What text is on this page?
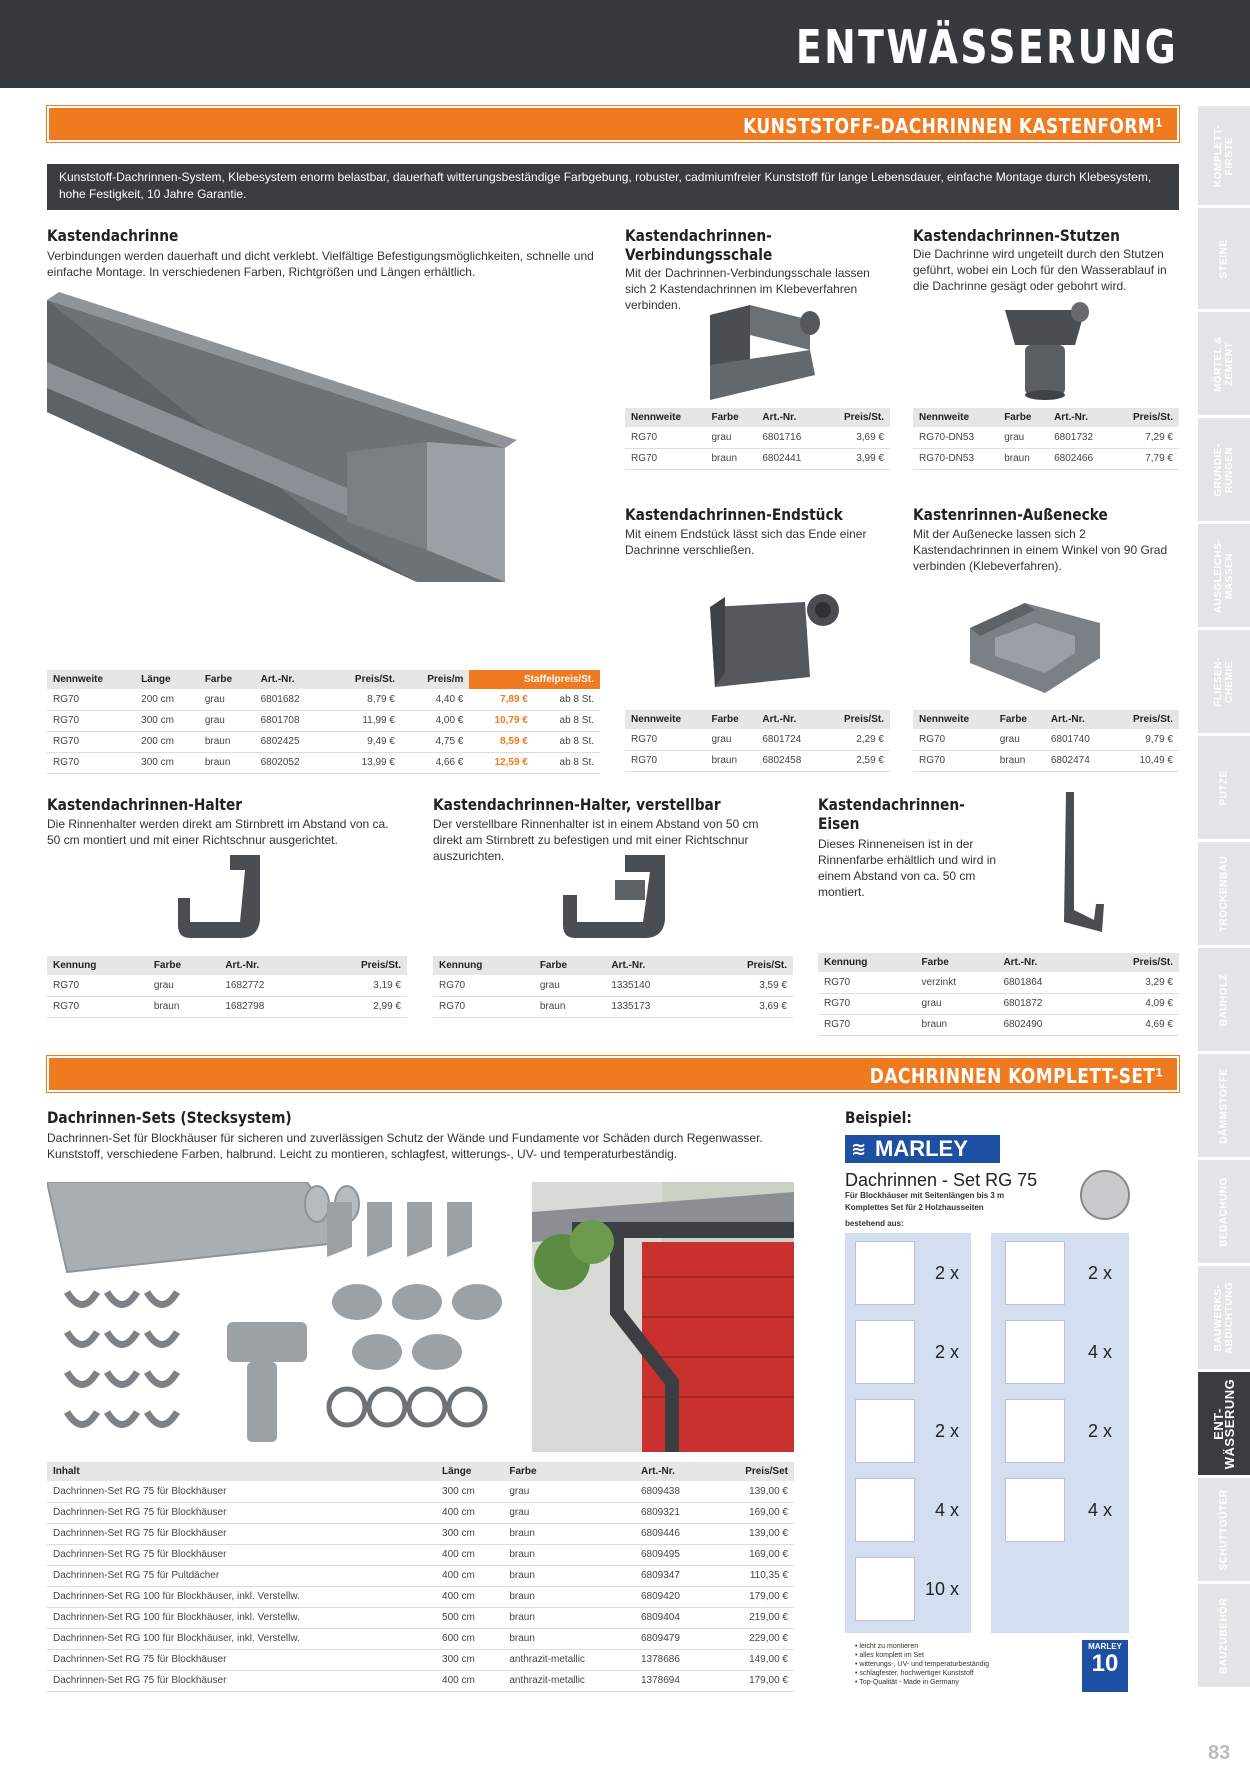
ENTWÄSSERUNG
KOMPLETT-
FIRSTE
STEINE
MÖRTEL &
ZEMENT
GRUNDIE-
RUNGEN
AUSGLEICHS-
MASSEN
FLIESEN-
CHEMIE
PUTZE
TROCKENBAU
BAUHOLZ
DÄMMSTOFFE
BEDACHUNG
BAUWERKS-
ABDICHTUNG
ENT-
WÄSSERUNG
SCHUTTGÜTER
BAUZUBEHÖR
KUNSTSTOFF-DACHRINNEN KASTENFORM¹
Kunststoff-Dachrinnen-System, Klebesystem enorm belastbar, dauerhaft witterungsbeständige Farbgebung, robuster, cadmiumfreier Kunststoff für lange Lebensdauer, einfache Montage durch Klebesystem, hohe Festigkeit, 10 Jahre Garantie.
Kastendachrinne
Verbindungen werden dauerhaft und dicht verklebt. Vielfältige Befestigungsmöglichkeiten, schnelle und einfache Montage. In verschiedenen Farben, Richtgrößen und Längen erhältlich.
Nennweite	Länge	Farbe	Art.-Nr.	Preis/St.	Preis/m	Staffelpreis/St.	
RG70	200 cm	grau	6801682	8,79 €	4,40 €	7,89 €	ab 8 St.
RG70	300 cm	grau	6801708	11,99 €	4,00 €	10,79 €	ab 8 St.
RG70	200 cm	braun	6802425	9,49 €	4,75 €	8,59 €	ab 8 St.
RG70	300 cm	braun	6802052	13,99 €	4,66 €	12,59 €	ab 8 St.
Kastendachrinnen-
Verbindungsschale
Mit der Dachrinnen-Verbindungsschale lassen sich 2 Kastendachrinnen im Klebeverfahren verbinden.
Nennweite	Farbe	Art.-Nr.	Preis/St.
RG70	grau	6801716	3,69 €
RG70	braun	6802441	3,99 €
Kastendachrinnen-Stutzen
Die Dachrinne wird ungeteilt durch den Stutzen geführt, wobei ein Loch für den Wasserablauf in die Dachrinne gesägt oder gebohrt wird.
Nennweite	Farbe	Art.-Nr.	Preis/St.
RG70-DN53	grau	6801732	7,29 €
RG70-DN53	braun	6802466	7,79 €
Kastendachrinnen-Endstück
Mit einem Endstück lässt sich das Ende einer Dachrinne verschließen.
Nennweite	Farbe	Art.-Nr.	Preis/St.
RG70	grau	6801724	2,29 €
RG70	braun	6802458	2,59 €
Kastenrinnen-Außenecke
Mit der Außenecke lassen sich 2 Kastendachrinnen in einem Winkel von 90 Grad verbinden (Klebeverfahren).
Nennweite	Farbe	Art.-Nr.	Preis/St.
RG70	grau	6801740	9,79 €
RG70	braun	6802474	10,49 €
Kastendachrinnen-Halter
Die Rinnenhalter werden direkt am Stirnbrett im Abstand von ca. 50 cm montiert und mit einer Richtschnur ausgerichtet.
Kennung	Farbe	Art.-Nr.	Preis/St.
RG70	grau	1682772	3,19 €
RG70	braun	1682798	2,99 €
Kastendachrinnen-Halter, verstellbar
Der verstellbare Rinnenhalter ist in einem Abstand von 50 cm direkt am Stirnbrett zu befestigen und mit einer Richtschnur auszurichten.
Kennung	Farbe	Art.-Nr.	Preis/St.
RG70	grau	1335140	3,59 €
RG70	braun	1335173	3,69 €
Kastendachrinnen-
Eisen
Dieses Rinneneisen ist in der Rinnenfarbe erhältlich und wird in einem Abstand von ca. 50 cm montiert.
Kennung	Farbe	Art.-Nr.	Preis/St.
RG70	verzinkt	6801864	3,29 €
RG70	grau	6801872	4,09 €
RG70	braun	6802490	4,69 €
DACHRINNEN KOMPLETT-SET¹
Dachrinnen-Sets (Stecksystem)
Dachrinnen-Set für Blockhäuser für sicheren und zuverlässigen Schutz der Wände und Fundamente vor Schäden durch Regenwasser. Kunststoff, verschiedene Farben, halbrund. Leicht zu montieren, schlagfest, witterungs-, UV- und temperaturbeständig.
Inhalt	Länge	Farbe	Art.-Nr.	Preis/Set
Dachrinnen-Set RG 75 für Blockhäuser	300 cm	grau	6809438	139,00 €
Dachrinnen-Set RG 75 für Blockhäuser	400 cm	grau	6809321	169,00 €
Dachrinnen-Set RG 75 für Blockhäuser	300 cm	braun	6809446	139,00 €
Dachrinnen-Set RG 75 für Blockhäuser	400 cm	braun	6809495	169,00 €
Dachrinnen-Set RG 75 für Pultdächer	400 cm	braun	6809347	110,35 €
Dachrinnen-Set RG 100 für Blockhäuser, inkl. Verstellw.	400 cm	braun	6809420	179,00 €
Dachrinnen-Set RG 100 für Blockhäuser, inkl. Verstellw.	500 cm	braun	6809404	219,00 €
Dachrinnen-Set RG 100 für Blockhäuser, inkl. Verstellw.	600 cm	braun	6809479	229,00 €
Dachrinnen-Set RG 75 für Blockhäuser	300 cm	anthrazit-metallic	1378686	149,00 €
Dachrinnen-Set RG 75 für Blockhäuser	400 cm	anthrazit-metallic	1378694	179,00 €
Beispiel:
≋ MARLEY
Dachrinnen - Set RG 75
Für Blockhäuser mit Seitenlängen bis 3 m
Komplettes Set für 2 Holzhausseiten
bestehend aus:
2 x
2 x
2 x
4 x
10 x
2 x
4 x
2 x
4 x
• leicht zu montieren
• alles komplett im Set
• witterungs-, UV- und temperaturbeständig
• schlagfester, hochwertiger Kunststoff
• Top-Qualität - Made in Germany
MARLEY
10
83
